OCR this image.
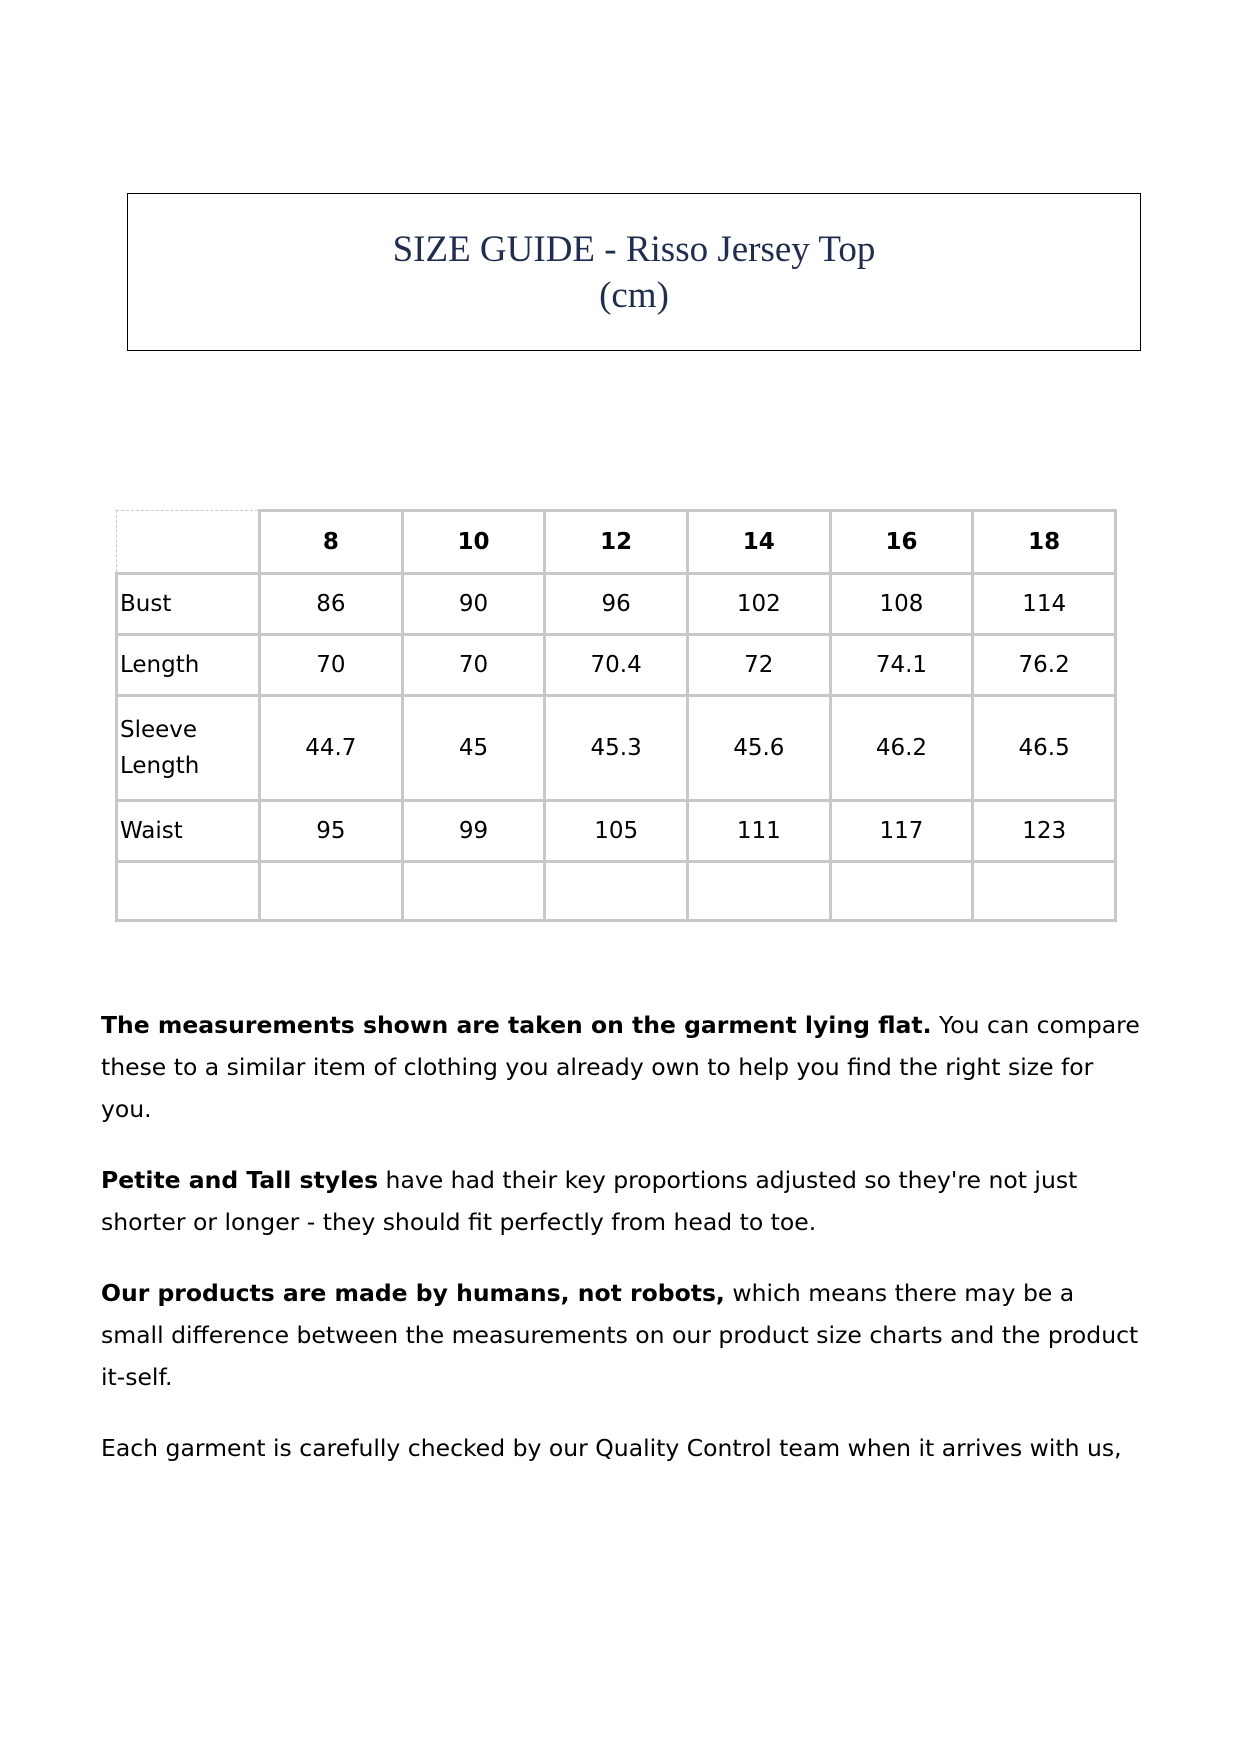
SIZE GUIDE - Risso Jersey Top
(cm)
	8	10	12	14	16	18
Bust	86	90	96	102	108	114
Length	70	70	70.4	72	74.1	76.2
Sleeve
Length	44.7	45	45.3	45.6	46.2	46.5
Waist	95	99	105	111	117	123

The measurements shown are taken on the garment lying flat. You can compare these to a similar item of clothing you already own to help you find the right size for you.

Petite and Tall styles have had their key proportions adjusted so they're not just shorter or longer - they should fit perfectly from head to toe.

Our products are made by humans, not robots, which means there may be a small difference between the measurements on our product size charts and the product it-self.

Each garment is carefully checked by our Quality Control team when it arrives with us,
